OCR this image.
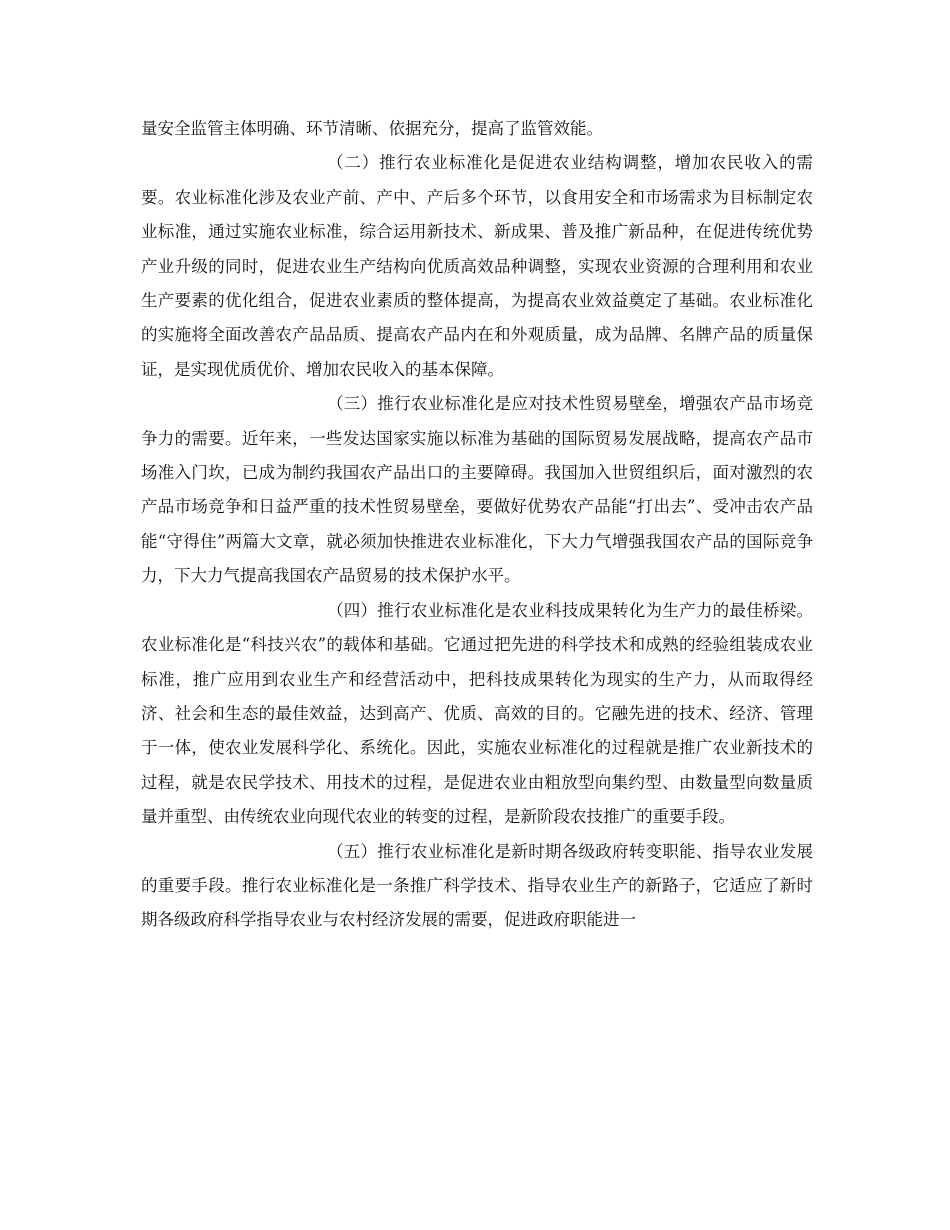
量安全监管主体明确、环节清晰、依据充分，提高了监管效能。

（二）推行农业标准化是促进农业结构调整，增加农民收入的需要。农业标准化涉及农业产前、产中、产后多个环节，以食用安全和市场需求为目标制定农业标准，通过实施农业标准，综合运用新技术、新成果、普及推广新品种，在促进传统优势产业升级的同时，促进农业生产结构向优质高效品种调整，实现农业资源的合理利用和农业生产要素的优化组合，促进农业素质的整体提高，为提高农业效益奠定了基础。农业标准化的实施将全面改善农产品品质、提高农产品内在和外观质量，成为品牌、名牌产品的质量保证，是实现优质优价、增加农民收入的基本保障。

（三）推行农业标准化是应对技术性贸易壁垒，增强农产品市场竞争力的需要。近年来，一些发达国家实施以标准为基础的国际贸易发展战略，提高农产品市场准入门坎，已成为制约我国农产品出口的主要障碍。我国加入世贸组织后，面对激烈的农产品市场竞争和日益严重的技术性贸易壁垒，要做好优势农产品能“打出去”、受冲击农产品能“守得住”两篇大文章，就必须加快推进农业标准化，下大力气增强我国农产品的国际竞争力，下大力气提高我国农产品贸易的技术保护水平。

（四）推行农业标准化是农业科技成果转化为生产力的最佳桥梁。农业标准化是“科技兴农”的载体和基础。它通过把先进的科学技术和成熟的经验组装成农业标准，推广应用到农业生产和经营活动中，把科技成果转化为现实的生产力，从而取得经济、社会和生态的最佳效益，达到高产、优质、高效的目的。它融先进的技术、经济、管理于一体，使农业发展科学化、系统化。因此，实施农业标准化的过程就是推广农业新技术的过程，就是农民学技术、用技术的过程，是促进农业由粗放型向集约型、由数量型向数量质量并重型、由传统农业向现代农业的转变的过程，是新阶段农技推广的重要手段。

（五）推行农业标准化是新时期各级政府转变职能、指导农业发展的重要手段。推行农业标准化是一条推广科学技术、指导农业生产的新路子，它适应了新时期各级政府科学指导农业与农村经济发展的需要，促进政府职能进一
